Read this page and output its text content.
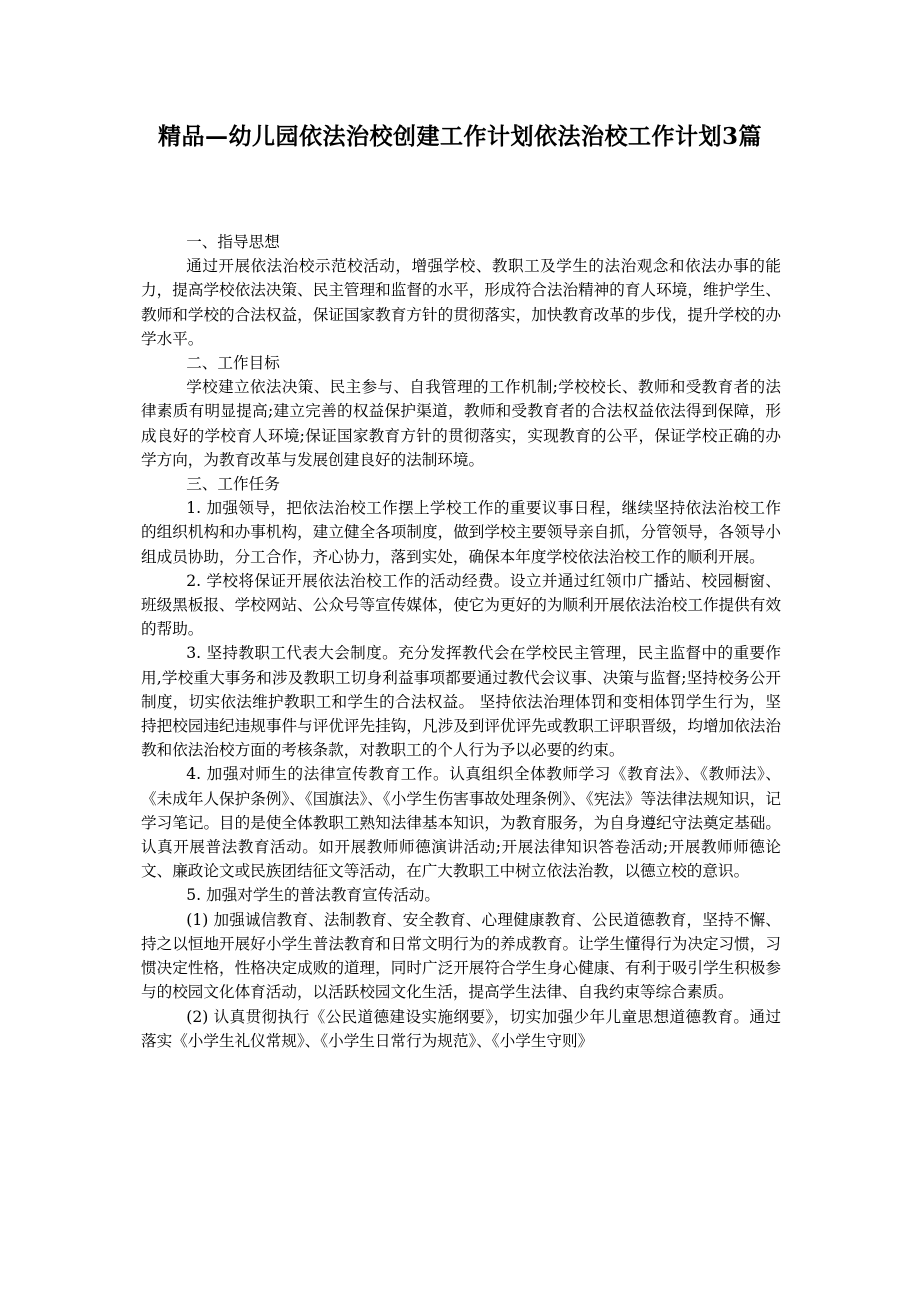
精品—幼儿园依法治校创建工作计划依法治校工作计划3篇

一、指导思想

通过开展依法治校示范校活动，增强学校、教职工及学生的法治观念和依法办事的能力，提高学校依法决策、民主管理和监督的水平，形成符合法治精神的育人环境，维护学生、教师和学校的合法权益，保证国家教育方针的贯彻落实，加快教育改革的步伐，提升学校的办学水平。

二、工作目标

学校建立依法决策、民主参与、自我管理的工作机制;学校校长、教师和受教育者的法律素质有明显提高;建立完善的权益保护渠道，教师和受教育者的合法权益依法得到保障，形成良好的学校育人环境;保证国家教育方针的贯彻落实，实现教育的公平，保证学校正确的办学方向，为教育改革与发展创建良好的法制环境。

三、工作任务

1. 加强领导，把依法治校工作摆上学校工作的重要议事日程，继续坚持依法治校工作的组织机构和办事机构，建立健全各项制度，做到学校主要领导亲自抓，分管领导，各领导小组成员协助，分工合作，齐心协力，落到实处，确保本年度学校依法治校工作的顺利开展。

2. 学校将保证开展依法治校工作的活动经费。设立并通过红领巾广播站、校园橱窗、班级黑板报、学校网站、公众号等宣传媒体，使它为更好的为顺利开展依法治校工作提供有效的帮助。

3. 坚持教职工代表大会制度。充分发挥教代会在学校民主管理，民主监督中的重要作用,学校重大事务和涉及教职工切身利益事项都要通过教代会议事、决策与监督;坚持校务公开制度，切实依法维护教职工和学生的合法权益。 坚持依法治理体罚和变相体罚学生行为，坚持把校园违纪违规事件与评优评先挂钩，凡涉及到评优评先或教职工评职晋级，均增加依法治教和依法治校方面的考核条款，对教职工的个人行为予以必要的约束。

4. 加强对师生的法律宣传教育工作。认真组织全体教师学习《教育法》、《教师法》、《未成年人保护条例》、《国旗法》、《小学生伤害事故处理条例》、《宪法》等法律法规知识，记学习笔记。目的是使全体教职工熟知法律基本知识，为教育服务，为自身遵纪守法奠定基础。认真开展普法教育活动。如开展教师师德演讲活动;开展法律知识答卷活动;开展教师师德论文、廉政论文或民族团结征文等活动，在广大教职工中树立依法治教，以德立校的意识。

5. 加强对学生的普法教育宣传活动。

(1) 加强诚信教育、法制教育、安全教育、心理健康教育、公民道德教育，坚持不懈、持之以恒地开展好小学生普法教育和日常文明行为的养成教育。让学生懂得行为决定习惯，习惯决定性格，性格决定成败的道理，同时广泛开展符合学生身心健康、有利于吸引学生积极参与的校园文化体育活动，以活跃校园文化生活，提高学生法律、自我约束等综合素质。

(2) 认真贯彻执行《公民道德建设实施纲要》，切实加强少年儿童思想道德教育。通过落实《小学生礼仪常规》、《小学生日常行为规范》、《小学生守则》
